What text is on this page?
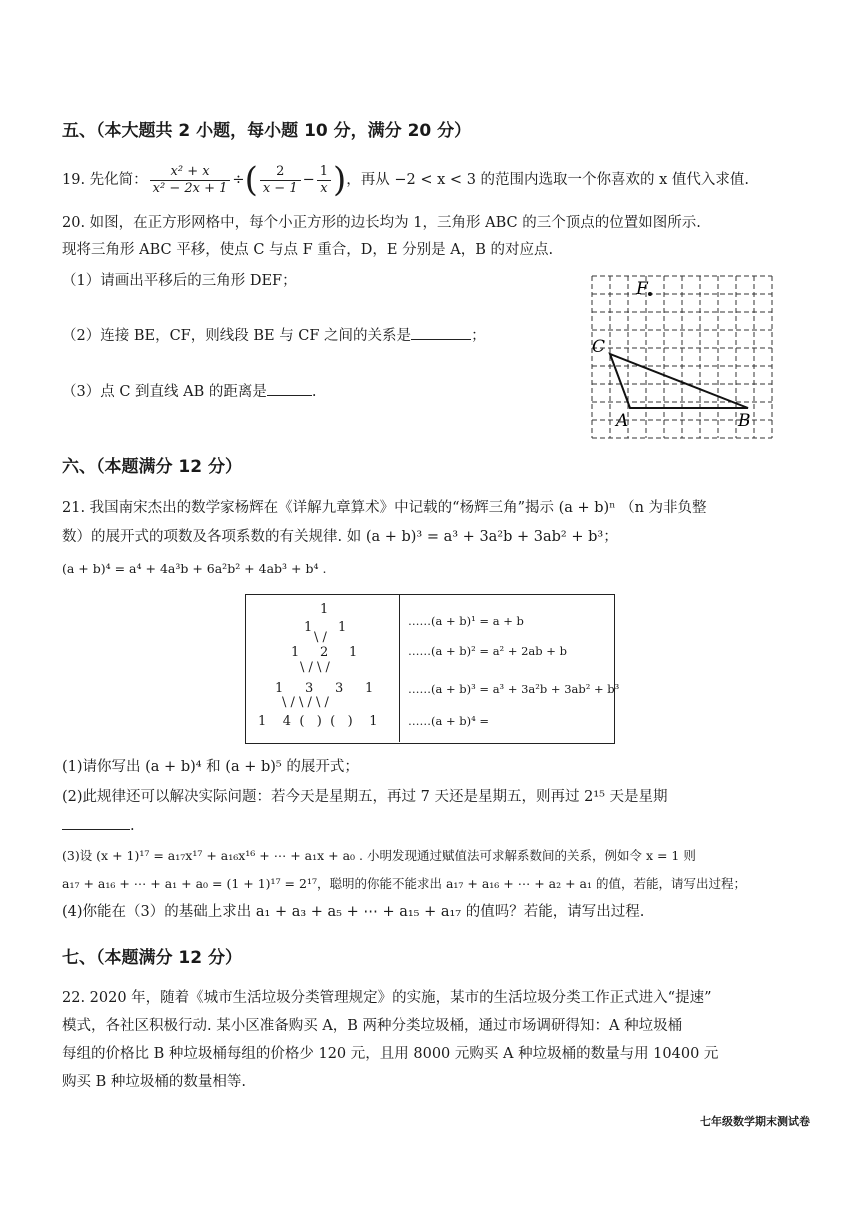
五、（本大题共 2 小题，每小题 10 分，满分 20 分）
19. 先化简： $\frac{\text{x² + x}}{\text{x² − 2x + 1}}$ ÷ ( $\frac{2}{x - 1} - \frac{1}{x}$ ) ，再从 −2 < x < 3 的范围内选取一个你喜欢的 x 值代入求值.
20. 如图，在正方形网格中，每个小正方形的边长均为 1，三角形 ABC 的三个顶点的位置如图所示.
现将三角形 ABC 平移，使点 C 与点 F 重合，D，E 分别是 A，B 的对应点.
（1）请画出平移后的三角形 DEF；
（2）连接 BE，CF，则线段 BE 与 CF 之间的关系是	；
（3）点 C 到直线 AB 的距离是	.
F
C
A	B
六、（本题满分 12 分）
21. 我国南宋杰出的数学家杨辉在《详解九章算术》中记载的“杨辉三角”揭示 (a + b)ⁿ （n 为非负整
数）的展开式的项数及各项系数的有关规律. 如 (a + b)³ = a³ + 3a²b + 3ab² + b³；
(a + b)⁴ = a⁴ + 4a³b + 6a²b² + 4ab³ + b⁴ .
1
1 1
\ /
1 2 1
\ / \ /
1 3 3 1
\ / \ / \ /
1    4  (   )  (   )    1
……(a + b)¹ = a + b
……(a + b)² = a² + 2ab + b
……(a + b)³ = a³ + 3a²b + 3ab² + b³
……(a + b)⁴ =
(1)请你写出 (a + b)⁴ 和 (a + b)⁵ 的展开式；
(2)此规律还可以解决实际问题：若今天是星期五，再过 7 天还是星期五，则再过 2¹⁵ 天是星期
.
(3)设 (x + 1)¹⁷ = a₁₇x¹⁷ + a₁₆x¹⁶ + ⋯ + a₁x + a₀ . 小明发现通过赋值法可求解系数间的关系，例如令 x = 1 则
a₁₇ + a₁₆ + ⋯ + a₁ + a₀ = (1 + 1)¹⁷ = 2¹⁷，聪明的你能不能求出 a₁₇ + a₁₆ + ⋯ + a₂ + a₁ 的值，若能，请写出过程；
(4)你能在（3）的基础上求出 a₁ + a₃ + a₅ + ⋯ + a₁₅ + a₁₇ 的值吗？若能，请写出过程.
七、（本题满分 12 分）
22. 2020 年，随着《城市生活垃圾分类管理规定》的实施，某市的生活垃圾分类工作正式进入“提速”
模式，各社区积极行动. 某小区准备购买 A，B 两种分类垃圾桶，通过市场调研得知：A 种垃圾桶
每组的价格比 B 种垃圾桶每组的价格少 120 元，且用 8000 元购买 A 种垃圾桶的数量与用 10400 元
购买 B 种垃圾桶的数量相等.
七年级数学期末测试卷
